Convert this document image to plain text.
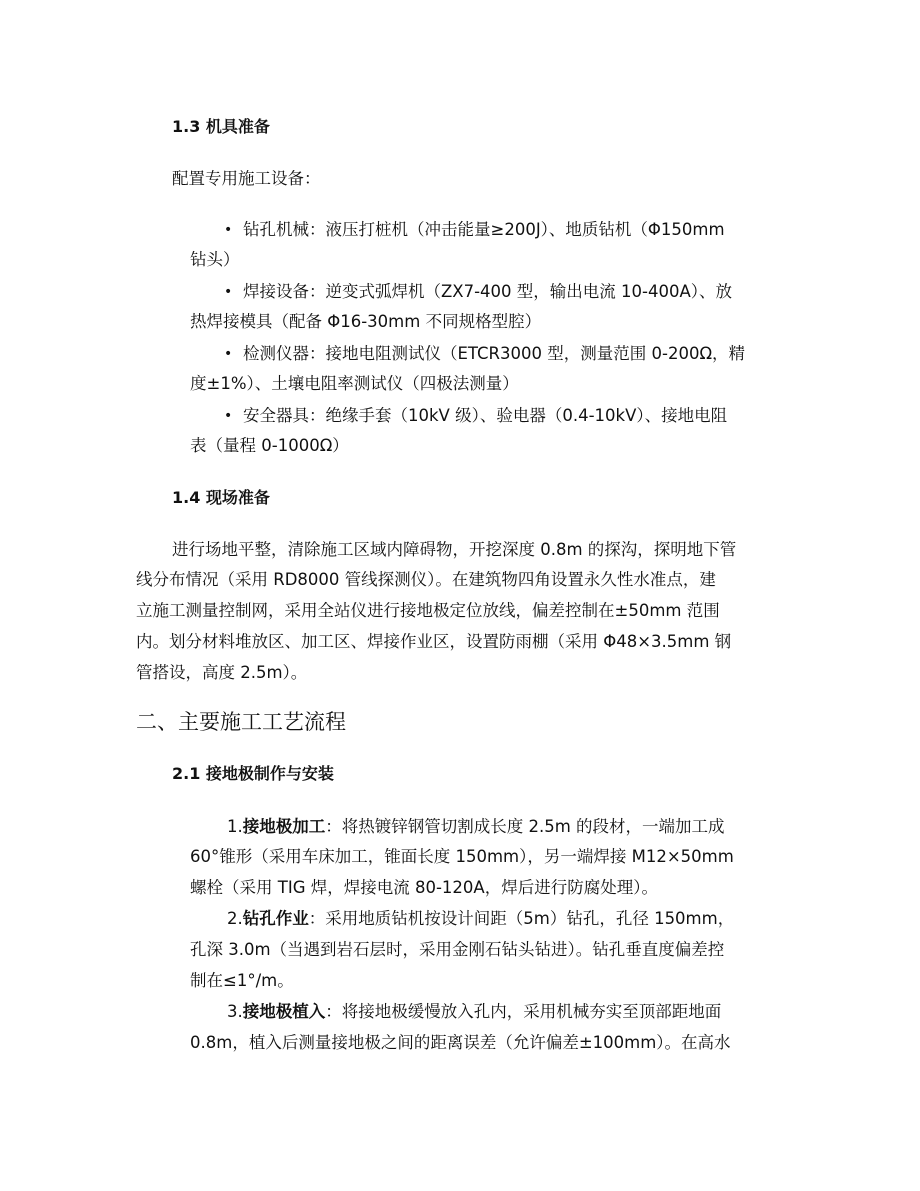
1.3 机具准备
配置专用施工设备：
• 钻孔机械：液压打桩机（冲击能量≥200J）、地质钻机（Φ150mm
钻头）
• 焊接设备：逆变式弧焊机（ZX7-400 型，输出电流 10-400A）、放
热焊接模具（配备 Φ16-30mm 不同规格型腔）
• 检测仪器：接地电阻测试仪（ETCR3000 型，测量范围 0-200Ω，精
度±1%）、土壤电阻率测试仪（四极法测量）
• 安全器具：绝缘手套（10kV 级）、验电器（0.4-10kV）、接地电阻
表（量程 0-1000Ω）
1.4 现场准备
进行场地平整，清除施工区域内障碍物，开挖深度 0.8m 的探沟，探明地下管
线分布情况（采用 RD8000 管线探测仪）。在建筑物四角设置永久性水准点，建
立施工测量控制网，采用全站仪进行接地极定位放线，偏差控制在±50mm 范围
内。划分材料堆放区、加工区、焊接作业区，设置防雨棚（采用 Φ48×3.5mm 钢
管搭设，高度 2.5m）。
二、主要施工工艺流程
2.1 接地极制作与安装
1.接地极加工：将热镀锌钢管切割成长度 2.5m 的段材，一端加工成
60°锥形（采用车床加工，锥面长度 150mm），另一端焊接 M12×50mm
螺栓（采用 TIG 焊，焊接电流 80-120A，焊后进行防腐处理）。
2.钻孔作业：采用地质钻机按设计间距（5m）钻孔，孔径 150mm，
孔深 3.0m（当遇到岩石层时，采用金刚石钻头钻进）。钻孔垂直度偏差控
制在≤1°/m。
3.接地极植入：将接地极缓慢放入孔内，采用机械夯实至顶部距地面
0.8m，植入后测量接地极之间的距离误差（允许偏差±100mm）。在高水
